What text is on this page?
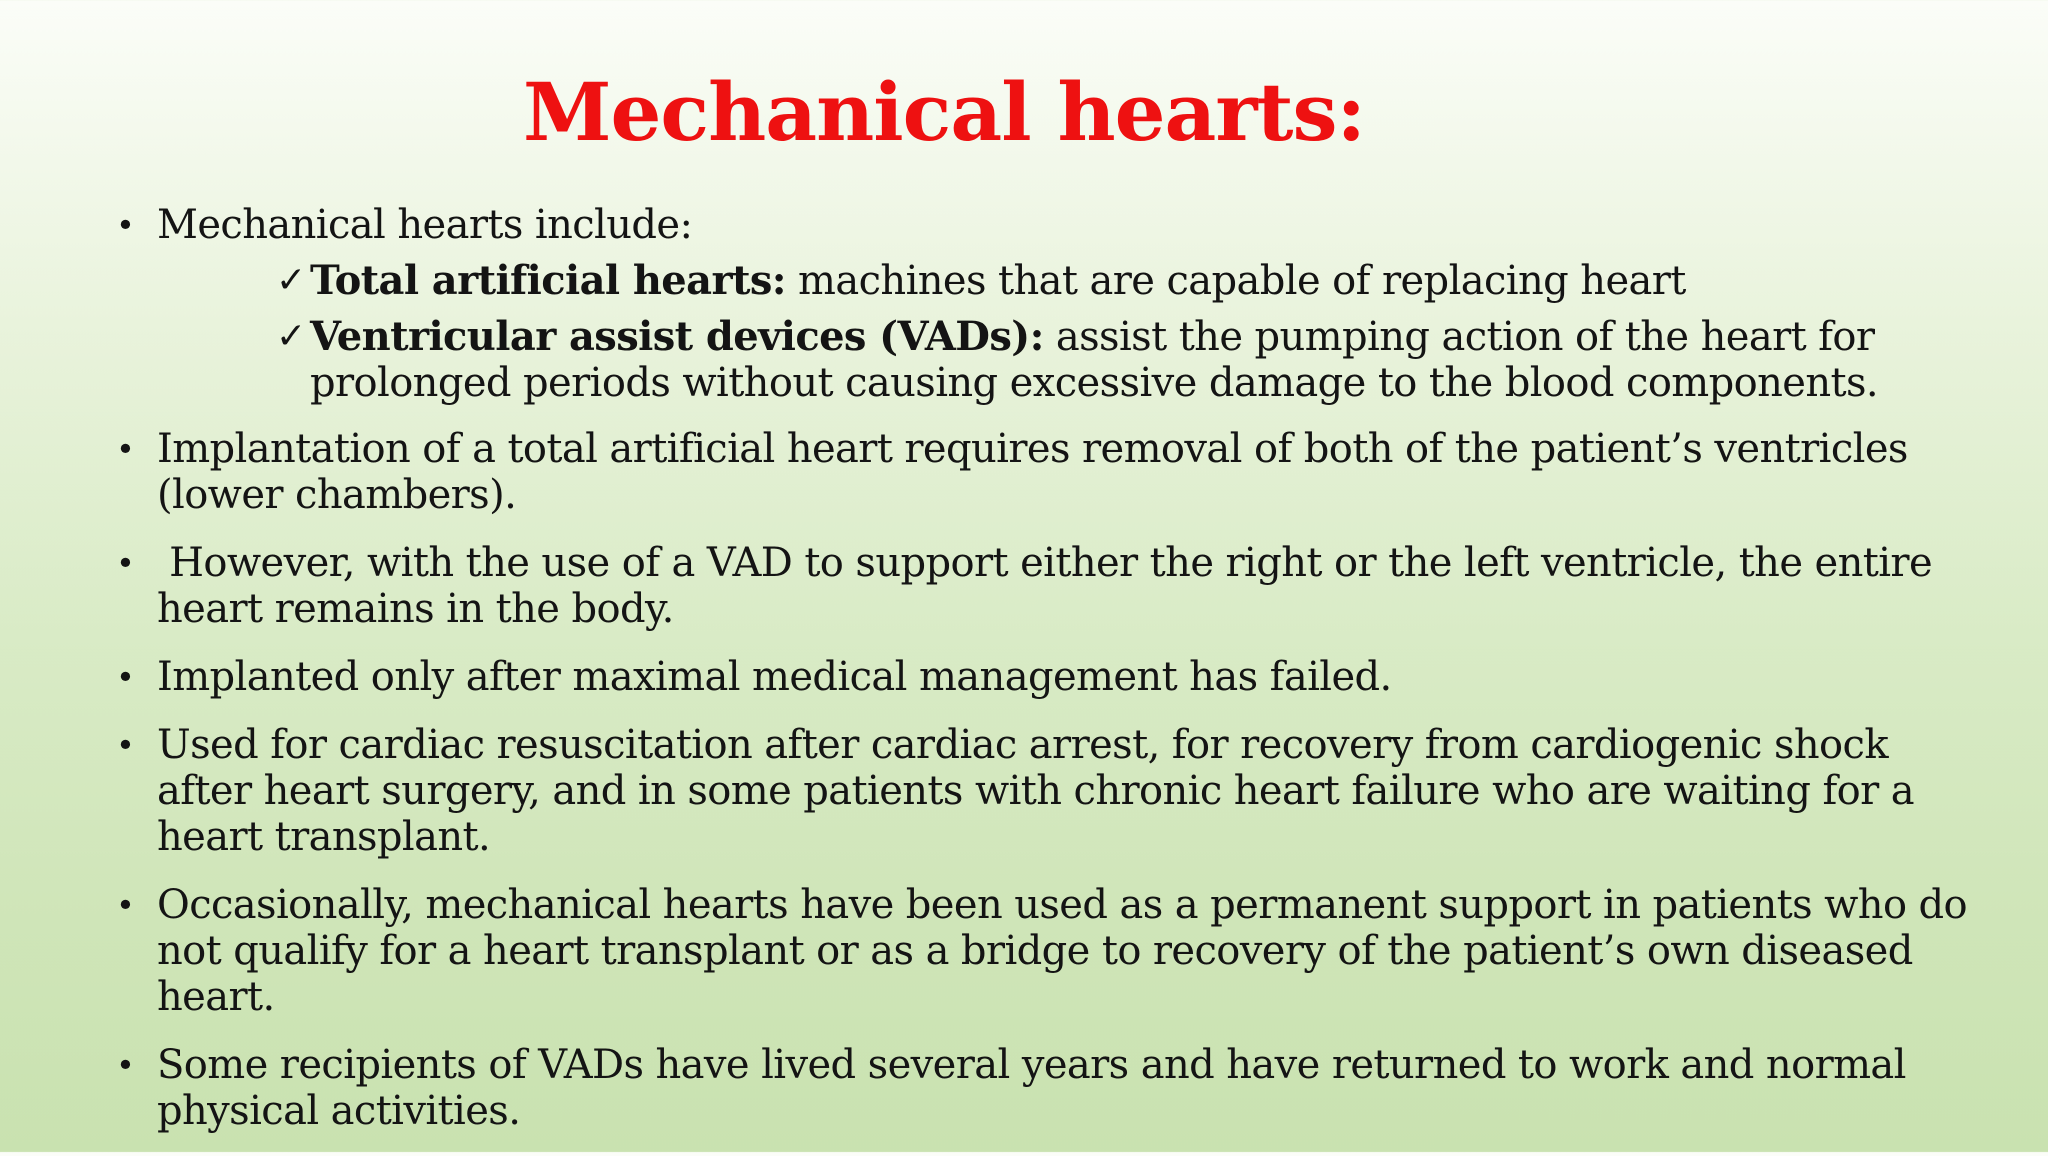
Mechanical hearts:
• Mechanical hearts include:
✓ Total artificial hearts: machines that are capable of replacing heart
✓ Ventricular assist devices (VADs): assist the pumping action of the heart for prolonged periods without causing excessive damage to the blood components.
• Implantation of a total artificial heart requires removal of both of the patient’s ventricles (lower chambers).
• However, with the use of a VAD to support either the right or the left ventricle, the entire heart remains in the body.
• Implanted only after maximal medical management has failed.
• Used for cardiac resuscitation after cardiac arrest, for recovery from cardiogenic shock after heart surgery, and in some patients with chronic heart failure who are waiting for a heart transplant.
• Occasionally, mechanical hearts have been used as a permanent support in patients who do not qualify for a heart transplant or as a bridge to recovery of the patient’s own diseased heart.
• Some recipients of VADs have lived several years and have returned to work and normal physical activities.
